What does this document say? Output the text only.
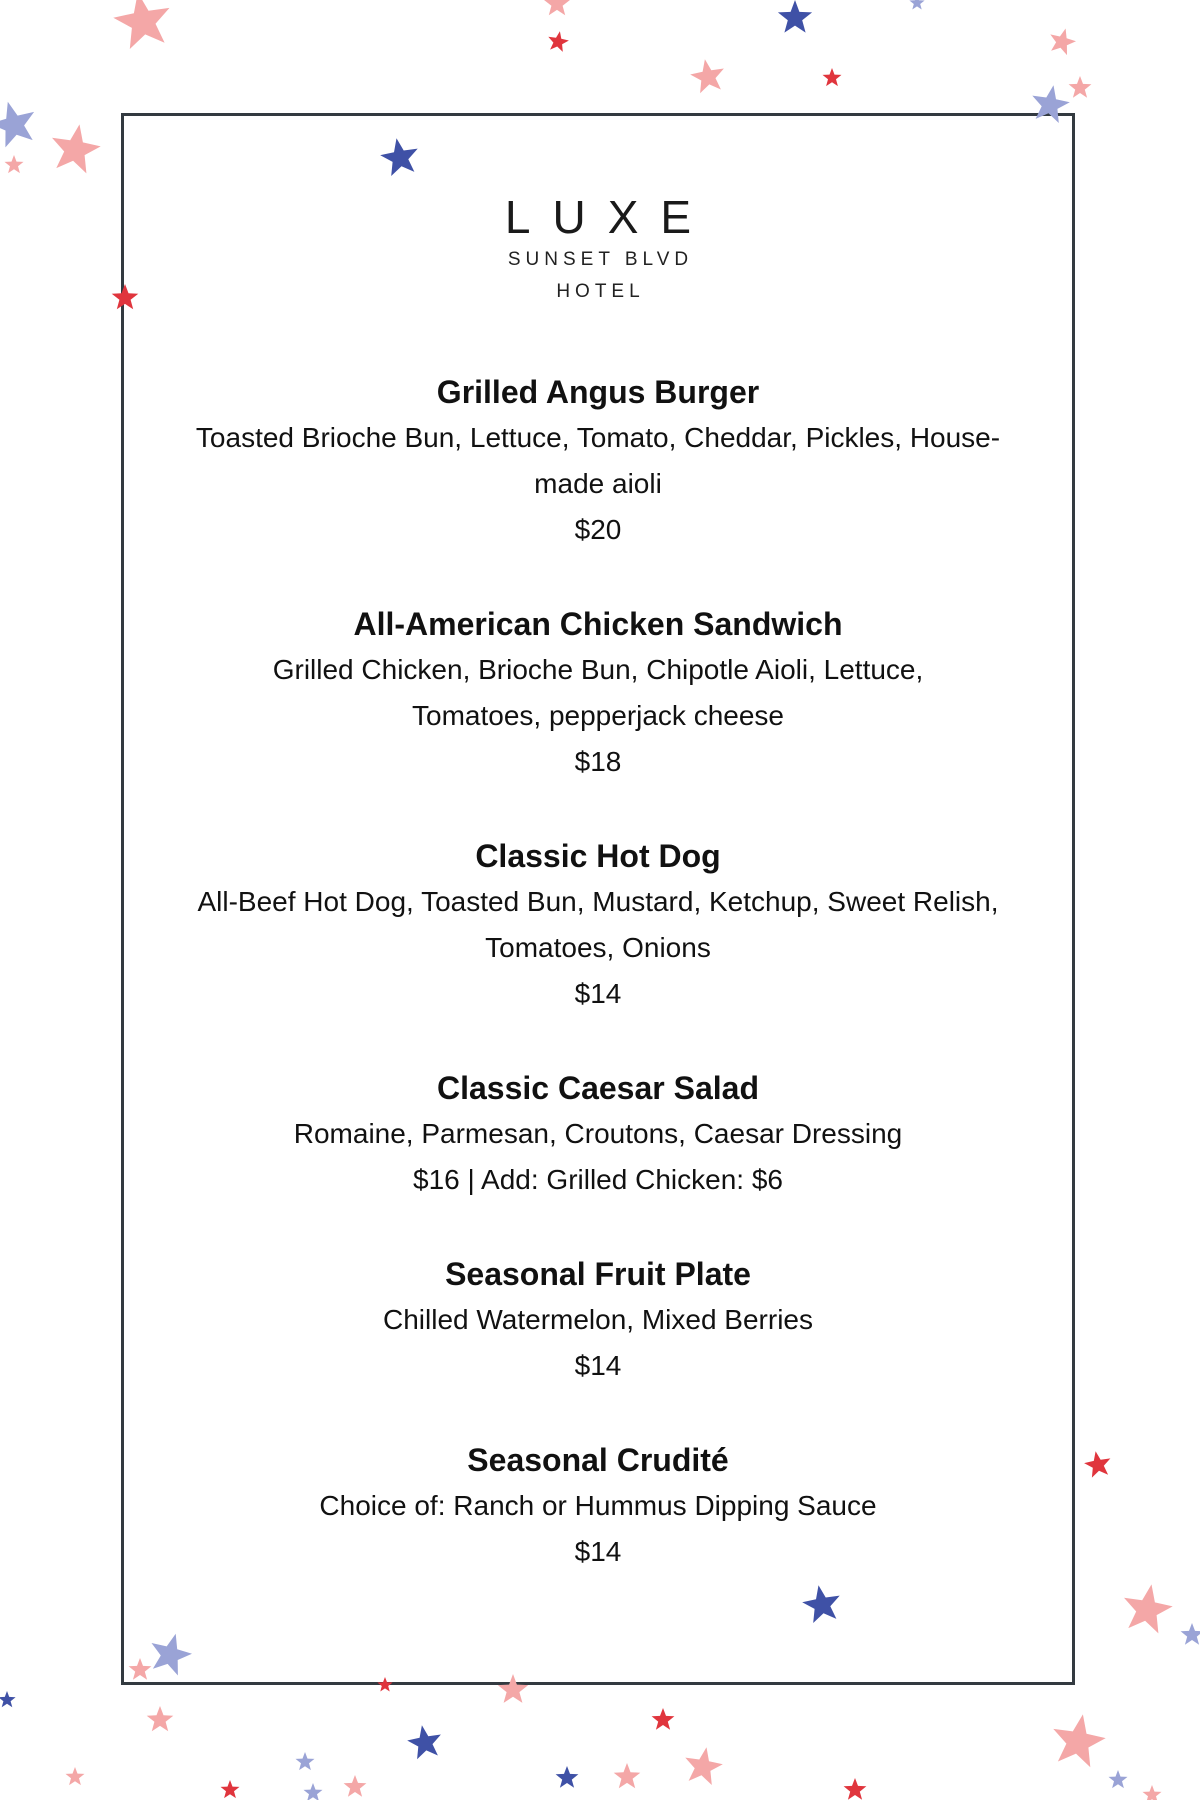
LUXE
SUNSET BLVD
HOTEL

Grilled Angus Burger

Toasted Brioche Bun, Lettuce, Tomato, Cheddar, Pickles, House-made aioli

$20

All-American Chicken Sandwich

Grilled Chicken, Brioche Bun, Chipotle Aioli, Lettuce, Tomatoes, pepperjack cheese

$18

Classic Hot Dog

All-Beef Hot Dog, Toasted Bun, Mustard, Ketchup, Sweet Relish, Tomatoes, Onions

$14

Classic Caesar Salad

Romaine, Parmesan, Croutons, Caesar Dressing

$16 | Add: Grilled Chicken: $6

Seasonal Fruit Plate

Chilled Watermelon, Mixed Berries

$14

Seasonal Crudité

Choice of: Ranch or Hummus Dipping Sauce

$14
